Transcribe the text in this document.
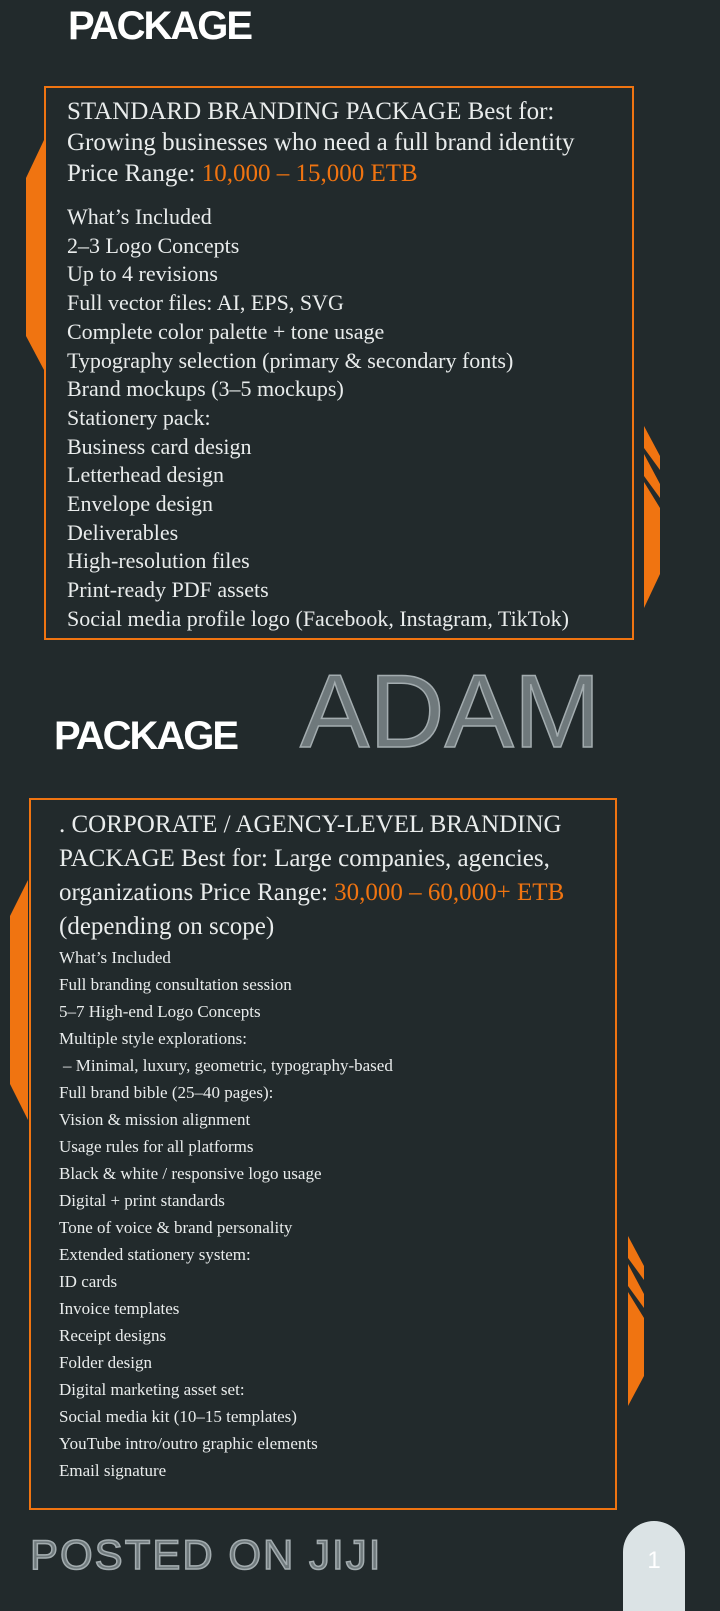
PACKAGE
STANDARD BRANDING PACKAGE Best for: Growing businesses who need a full brand identity Price Range: 10,000 – 15,000 ETB
What’s Included
2–3 Logo Concepts
Up to 4 revisions
Full vector files: AI, EPS, SVG
Complete color palette + tone usage
Typography selection (primary & secondary fonts)
Brand mockups (3–5 mockups)
Stationery pack:
Business card design
Letterhead design
Envelope design
Deliverables
High-resolution files
Print-ready PDF assets
Social media profile logo (Facebook, Instagram, TikTok)
ADAM
PACKAGE
. CORPORATE / AGENCY-LEVEL BRANDING PACKAGE Best for: Large companies, agencies, organizations Price Range: 30,000 – 60,000+ ETB (depending on scope)
What’s Included
Full branding consultation session
5–7 High-end Logo Concepts
Multiple style explorations:
– Minimal, luxury, geometric, typography-based
Full brand bible (25–40 pages):
Vision & mission alignment
Usage rules for all platforms
Black & white / responsive logo usage
Digital + print standards
Tone of voice & brand personality
Extended stationery system:
ID cards
Invoice templates
Receipt designs
Folder design
Digital marketing asset set:
Social media kit (10–15 templates)
YouTube intro/outro graphic elements
Email signature
POSTED ON JIJI	1
